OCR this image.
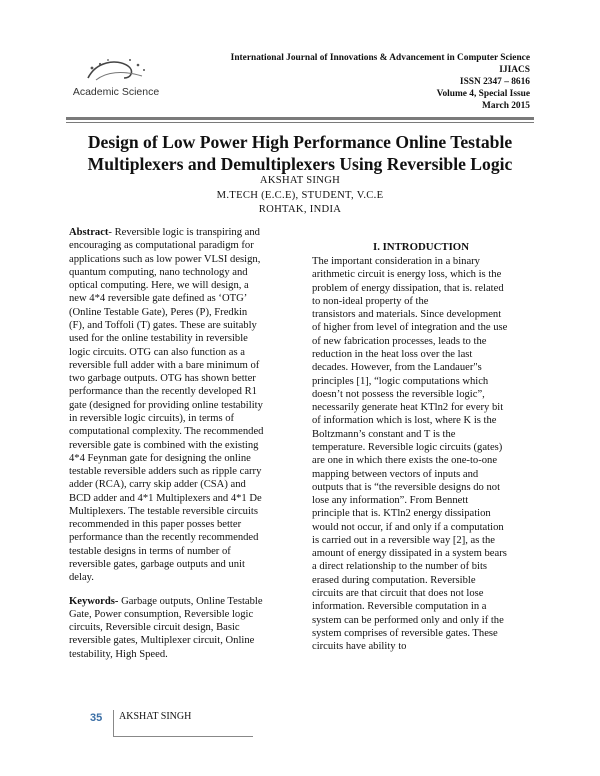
Academic Science
International Journal of Innovations & Advancement in Computer Science
IJIACS
ISSN 2347 – 8616
Volume 4, Special Issue
March 2015
Design of Low Power High Performance Online Testable
Multiplexers and Demultiplexers Using Reversible Logic
AKSHAT SINGH
M.TECH (E.C.E), STUDENT, V.C.E
ROHTAK, INDIA

Abstract- Reversible logic is transpiring and

encouraging as computational paradigm for

applications such as low power VLSI design,

quantum computing, nano technology and

optical computing. Here, we will design, a

new 4*4 reversible gate defined as ‘OTG’

(Online Testable Gate), Peres (P), Fredkin

(F), and Toffoli (T) gates. These are suitably

used for the online testability in reversible

logic circuits. OTG can also function as a

reversible full adder with a bare minimum of

two garbage outputs. OTG has shown better

performance than the recently developed R1

gate (designed for providing online testability

in reversible logic circuits), in terms of

computational complexity. The recommended

reversible gate is combined with the existing

4*4 Feynman gate for designing the online

testable reversible adders such as ripple carry

adder (RCA), carry skip adder (CSA) and

BCD adder and 4*1 Multiplexers and 4*1 De

Multiplexers. The testable reversible circuits

recommended in this paper posses better

performance than the recently recommended

testable designs in terms of number of

reversible gates, garbage outputs and unit

delay.

Keywords- Garbage outputs, Online Testable

Gate, Power consumption, Reversible logic

circuits, Reversible circuit design, Basic

reversible gates, Multiplexer circuit, Online

testability, High Speed.

I. INTRODUCTION

The important consideration in a binary

arithmetic circuit is energy loss, which is the

problem of energy dissipation, that is. related

to non-ideal property of the

transistors and materials. Since development

of higher from level of integration and the use

of new fabrication processes, leads to the

reduction in the heat loss over the last

decades. However, from the Landauer"s

principles [1], “logic computations which

doesn’t not possess the reversible logic”,

necessarily generate heat KTln2 for every bit

of information which is lost, where K is the

Boltzmann’s constant and T is the

temperature. Reversible logic circuits (gates)

are one in which there exists the one-to-one

mapping between vectors of inputs and

outputs that is “the reversible designs do not

lose any information”. From Bennett

principle that is. KTln2 energy dissipation

would not occur, if and only if a computation

is carried out in a reversible way [2], as the

amount of energy dissipated in a system bears

a direct relationship to the number of bits

erased during computation. Reversible

circuits are that circuit that does not lose

information. Reversible computation in a

system can be performed only and only if the

system comprises of reversible gates. These

circuits have ability to

35 AKSHAT SINGH
